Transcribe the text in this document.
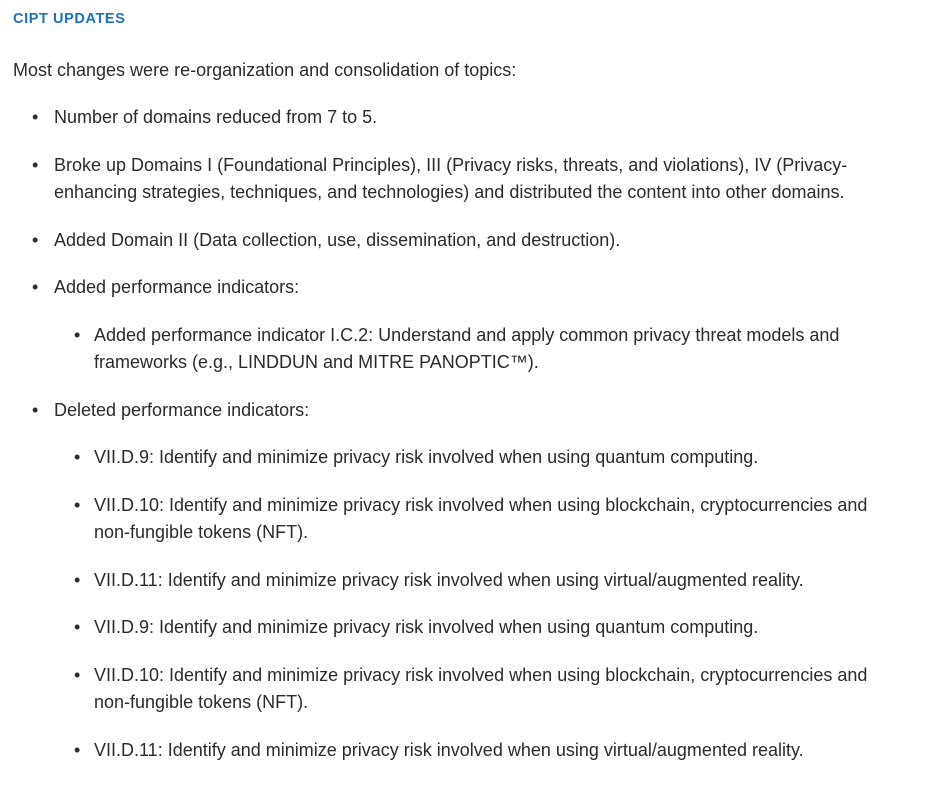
CIPT UPDATES

Most changes were re-organization and consolidation of topics:

• Number of domains reduced from 7 to 5.
• Broke up Domains I (Foundational Principles), III (Privacy risks, threats, and violations), IV (Privacy-enhancing strategies, techniques, and technologies) and distributed the content into other domains.
• Added Domain II (Data collection, use, dissemination, and destruction).
• Added performance indicators:
• Added performance indicator I.C.2: Understand and apply common privacy threat models and frameworks (e.g., LINDDUN and MITRE PANOPTIC™).
• Deleted performance indicators:
• VII.D.9: Identify and minimize privacy risk involved when using quantum computing.
• VII.D.10: Identify and minimize privacy risk involved when using blockchain, cryptocurrencies and non-fungible tokens (NFT).
• VII.D.11: Identify and minimize privacy risk involved when using virtual/augmented reality.
• VII.D.9: Identify and minimize privacy risk involved when using quantum computing.
• VII.D.10: Identify and minimize privacy risk involved when using blockchain, cryptocurrencies and non-fungible tokens (NFT).
• VII.D.11: Identify and minimize privacy risk involved when using virtual/augmented reality.
